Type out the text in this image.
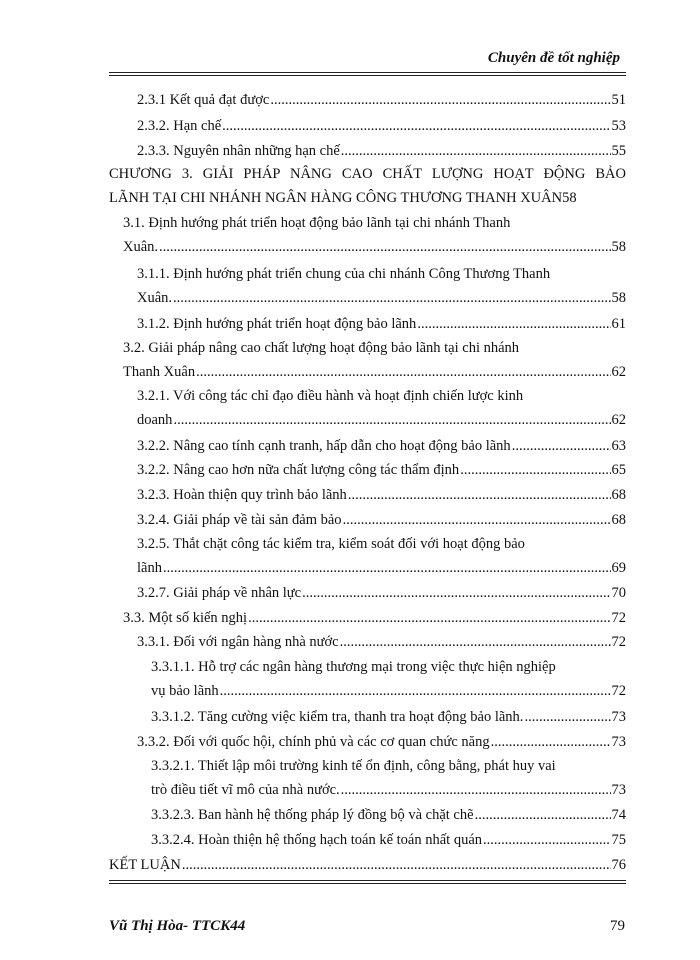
Chuyên đề tốt nghiệp
2.3.1 Kết quả đạt được .....	51
2.3.2. Hạn chế .....	53
2.3.3. Nguyên nhân những hạn chế .....	55
CHƯƠNG 3. GIẢI PHÁP NÂNG CAO CHẤT LƯỢNG HOẠT ĐỘNG BẢO
LÃNH TẠI CHI NHÁNH NGÂN HÀNG CÔNG THƯƠNG THANH XUÂN 58
3.1. Định hướng phát triển hoạt động bảo lãnh tại chi nhánh Thanh
Xuân. .....	58
3.1.1. Định hướng phát triển chung của chi nhánh Công Thương Thanh
Xuân. .....	58
3.1.2. Định hướng phát triển hoạt động bảo lãnh .....	61
3.2. Giải pháp nâng cao chất lượng hoạt động bảo lãnh tại chi nhánh
Thanh Xuân .....	62
3.2.1. Với công tác chỉ đạo điều hành và hoạt định chiến lược kinh
doanh .....	62
3.2.2. Nâng cao tính cạnh tranh, hấp dẫn cho hoạt động bảo lãnh .....	63
3.2.2. Nâng cao hơn nữa chất lượng công tác thẩm định .....	65
3.2.3. Hoàn thiện quy trình bảo lãnh .....	68
3.2.4. Giải pháp về tài sản đảm bảo .....	68
3.2.5. Thắt chặt công tác kiểm tra, kiểm soát đối với hoạt động bảo
lãnh .....	69
3.2.7. Giải pháp về nhân lực .....	70
3.3. Một số kiến nghị .....	72
3.3.1. Đối với ngân hàng nhà nước .....	72
3.3.1.1. Hỗ trợ các ngân hàng thương mại trong việc thực hiện nghiệp
vụ bảo lãnh .....	72
3.3.1.2. Tăng cường việc kiểm tra, thanh tra hoạt động bảo lãnh. .....	73
3.3.2. Đối với quốc hội, chính phủ và các cơ quan chức năng .....	73
3.3.2.1. Thiết lập môi trường kinh tế ổn định, công bằng, phát huy vai
trò điều tiết vĩ mô của nhà nước. .....	73
3.3.2.3. Ban hành hệ thống pháp lý đồng bộ và chặt chẽ .....	74
3.3.2.4. Hoàn thiện hệ thống hạch toán kế toán nhất quán .....	75
KẾT LUẬN .....	76
Vũ Thị Hòa- TTCK44	79
